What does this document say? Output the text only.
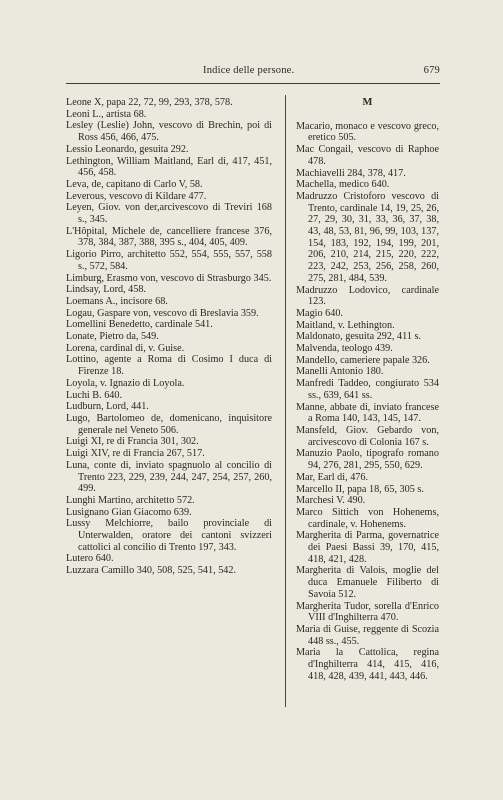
Indice delle persone.	679

Leone X, papa 22, 72, 99, 293, 378, 578.

Leoni L., artista 68.

Lesley (Leslie) John, vescovo di Brechin, poi di Ross 456, 466, 475.

Lessio Leonardo, gesuita 292.

Lethington, William Maitland, Earl di, 417, 451, 456, 458.

Leva, de, capitano di Carlo V, 58.

Leverous, vescovo di Kildare 477.

Leyen, Giov. von der,arcivescovo di Treviri 168 s., 345.

L'Hôpital, Michele de, cancelliere francese 376, 378, 384, 387, 388, 395 s., 404, 405, 409.

Ligorio Pirro, architetto 552, 554, 555, 557, 558 s., 572, 584.

Limburg, Erasmo von, vescovo di Strasburgo 345.

Lindsay, Lord, 458.

Loemans A., incisore 68.

Logau, Gaspare von, vescovo di Breslavia 359.

Lomellini Benedetto, cardinale 541.

Lonate, Pietro da, 549.

Lorena, cardinal di, v. Guise.

Lottino, agente a Roma di Cosimo I duca di Firenze 18.

Loyola, v. Ignazio di Loyola.

Luchi B. 640.

Ludburn, Lord, 441.

Lugo, Bartolomeo de, domenicano, inquisitore generale nel Veneto 506.

Luigi XI, re di Francia 301, 302.

Luigi XIV, re di Francia 267, 517.

Luna, conte di, inviato spagnuolo al concilio di Trento 223, 229, 239, 244, 247, 254, 257, 260, 499.

Lunghi Martino, architetto 572.

Lusignano Gian Giacomo 639.

Lussy Melchiorre, bailo provinciale di Unterwalden, oratore dei cantoni svizzeri cattolici al concilio di Trento 197, 343.

Lutero 640.

Luzzara Camillo 340, 508, 525, 541, 542.

M

Macario, monaco e vescovo greco, eretico 505.

Mac Congail, vescovo di Raphoe 478.

Machiavelli 284, 378, 417.

Machella, medico 640.

Madruzzo Cristoforo vescovo di Trento, cardinale 14, 19, 25, 26, 27, 29, 30, 31, 33, 36, 37, 38, 43, 48, 53, 81, 96, 99, 103, 137, 154, 183, 192, 194, 199, 201, 206, 210, 214, 215, 220, 222, 223, 242, 253, 256, 258, 260, 275, 281, 484, 539.

Madruzzo Lodovico, cardinale 123.

Magio 640.

Maitland, v. Lethington.

Maldonato, gesuita 292, 411 s.

Malvenda, teologo 439.

Mandello, cameriere papale 326.

Manelli Antonio 180.

Manfredi Taddeo, congiurato 534 ss., 639, 641 ss.

Manne, abbate di, inviato francese a Roma 140, 143, 145, 147.

Mansfeld, Giov. Gebardo von, arcivescovo di Colonia 167 s.

Manuzio Paolo, tipografo romano 94, 276, 281, 295, 550, 629.

Mar, Earl di, 476.

Marcello II, papa 18, 65, 305 s.

Marchesi V. 490.

Marco Sittich von Hohenems, cardinale, v. Hohenems.

Margherita di Parma, governatrice dei Paesi Bassi 39, 170, 415, 418, 421, 428.

Margherita di Valois, moglie del duca Emanuele Filiberto di Savoia 512.

Margherita Tudor, sorella d'Enrico VIII d'Inghilterra 470.

Maria di Guise, reggente di Scozia 448 ss., 455.

Maria la Cattolica, regina d'Inghilterra 414, 415, 416, 418, 428, 439, 441, 443, 446.
